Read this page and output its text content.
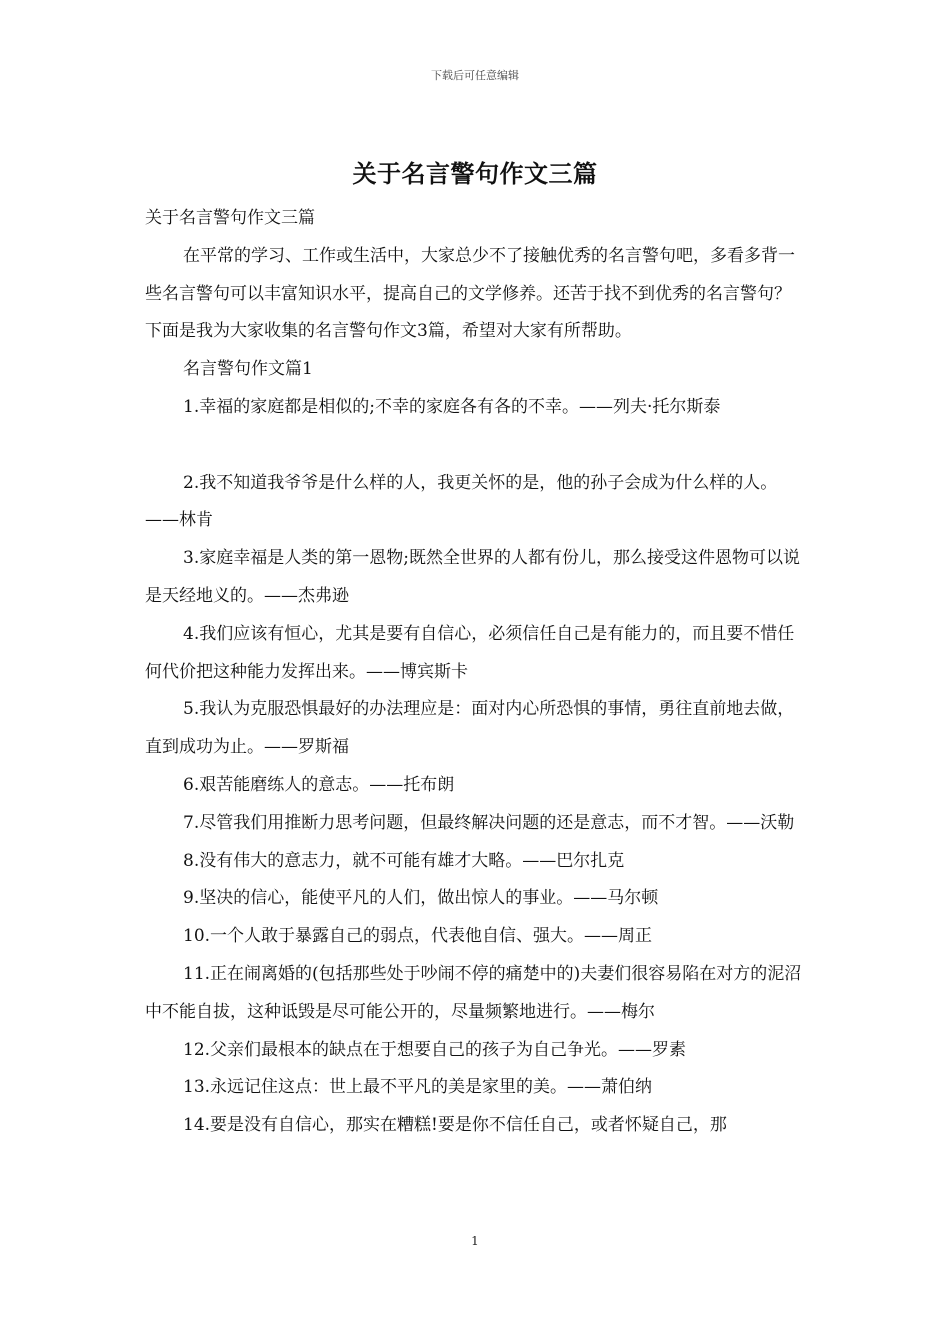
下载后可任意编辑
关于名言警句作文三篇

关于名言警句作文三篇

在平常的学习、工作或生活中，大家总少不了接触优秀的名言警句吧，多看多背一些名言警句可以丰富知识水平，提高自己的文学修养。还苦于找不到优秀的名言警句？下面是我为大家收集的名言警句作文3篇，希望对大家有所帮助。

名言警句作文篇1

1.幸福的家庭都是相似的;不幸的家庭各有各的不幸。——列夫·托尔斯泰

2.我不知道我爷爷是什么样的人，我更关怀的是，他的孙子会成为什么样的人。——林肯

3.家庭幸福是人类的第一恩物;既然全世界的人都有份儿，那么接受这件恩物可以说是天经地义的。——杰弗逊

4.我们应该有恒心，尤其是要有自信心，必须信任自己是有能力的，而且要不惜任何代价把这种能力发挥出来。——博宾斯卡

5.我认为克服恐惧最好的办法理应是：面对内心所恐惧的事情，勇往直前地去做，直到成功为止。——罗斯福

6.艰苦能磨练人的意志。——托布朗

7.尽管我们用推断力思考问题，但最终解决问题的还是意志，而不才智。——沃勒

8.没有伟大的意志力，就不可能有雄才大略。——巴尔扎克

9.坚决的信心，能使平凡的人们，做出惊人的事业。——马尔顿

10.一个人敢于暴露自己的弱点，代表他自信、强大。——周正

11.正在闹离婚的(包括那些处于吵闹不停的痛楚中的)夫妻们很容易陷在对方的泥沼中不能自拔，这种诋毁是尽可能公开的，尽量频繁地进行。——梅尔

12.父亲们最根本的缺点在于想要自己的孩子为自己争光。——罗素

13.永远记住这点：世上最不平凡的美是家里的美。——萧伯纳

14.要是没有自信心，那实在糟糕!要是你不信任自己，或者怀疑自己，那

1
